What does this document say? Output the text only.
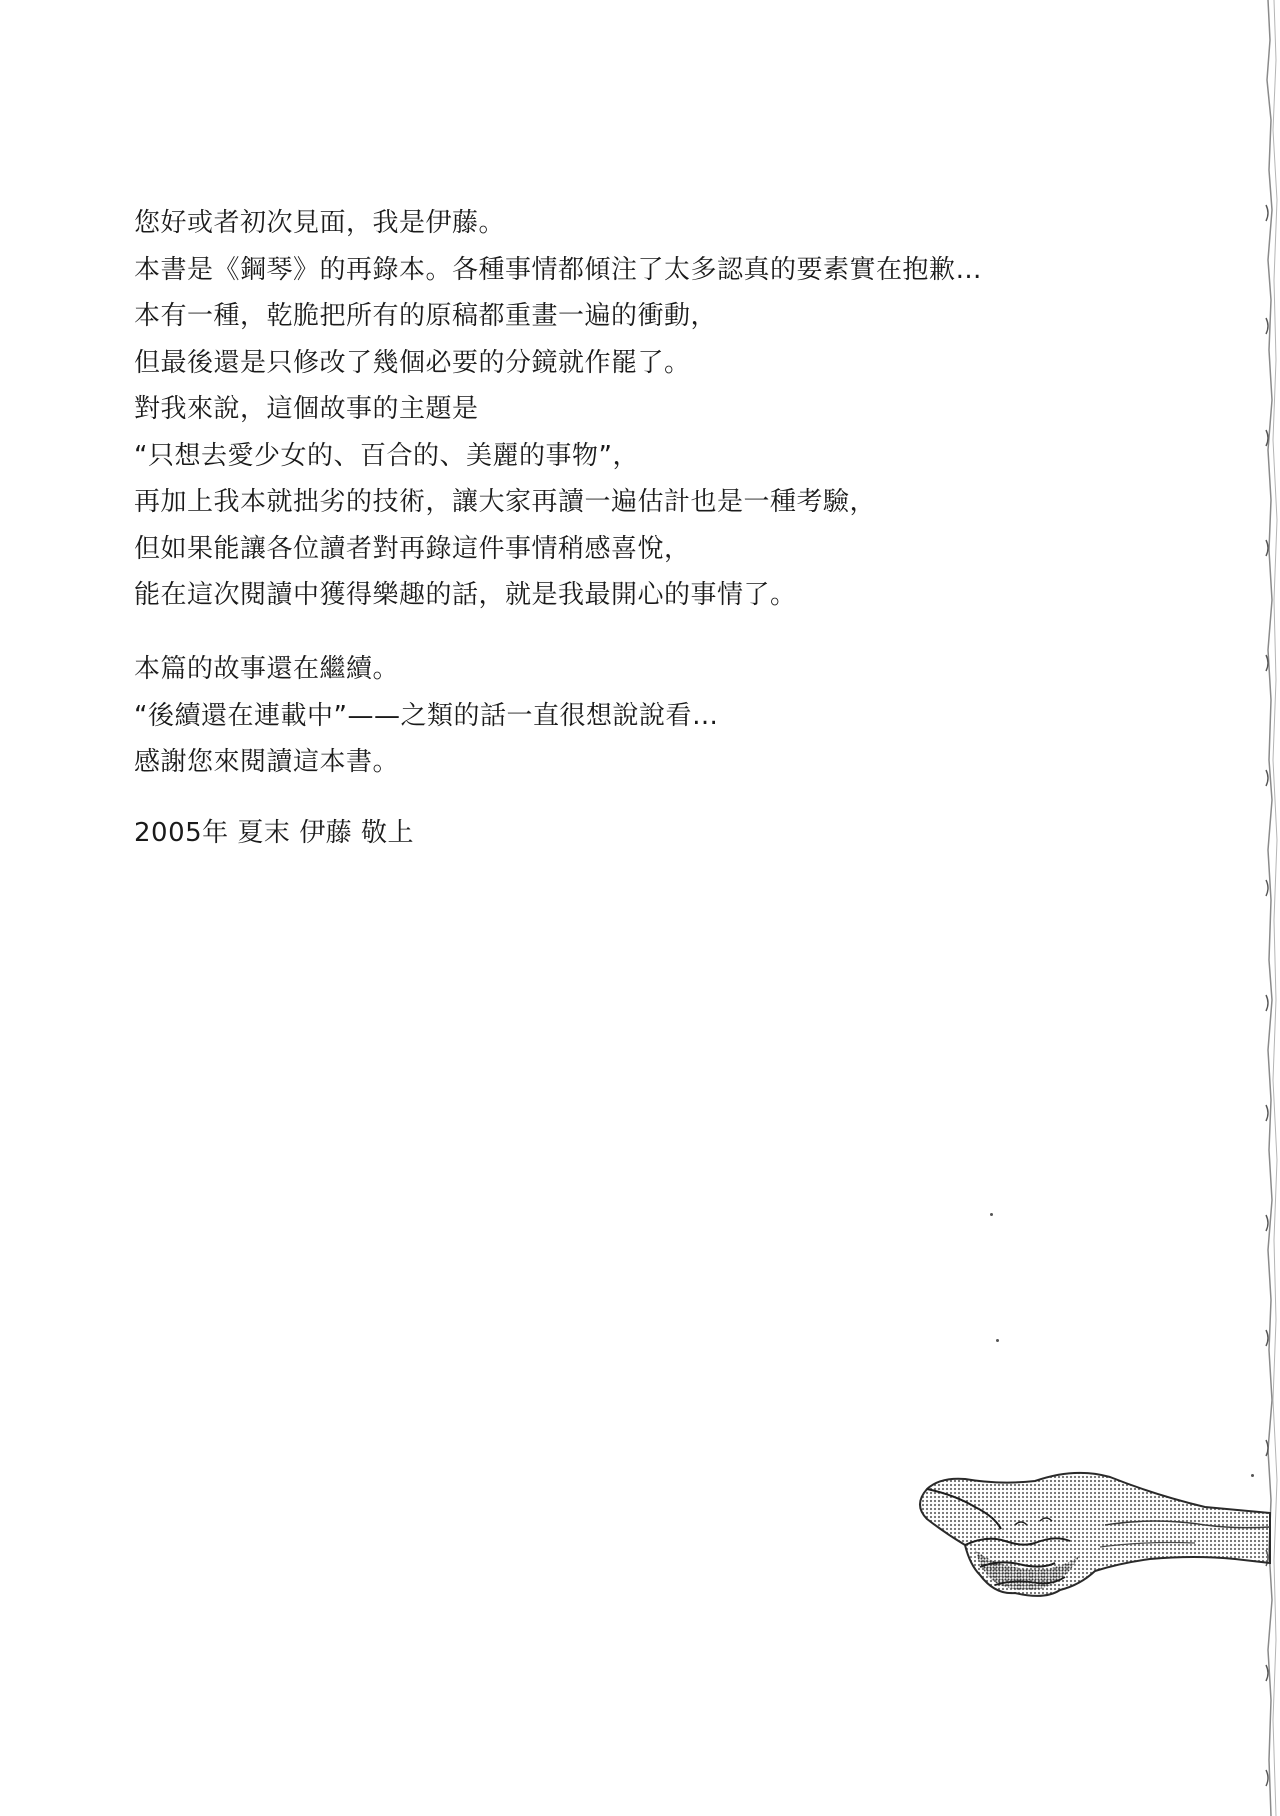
您好或者初次見面，我是伊藤。
本書是《鋼琴》的再錄本。各種事情都傾注了太多認真的要素實在抱歉…
本有一種，乾脆把所有的原稿都重畫一遍的衝動，
但最後還是只修改了幾個必要的分鏡就作罷了。
對我來說，這個故事的主題是
“只想去愛少女的、百合的、美麗的事物”，
再加上我本就拙劣的技術，讓大家再讀一遍估計也是一種考驗，
但如果能讓各位讀者對再錄這件事情稍感喜悅，
能在這次閱讀中獲得樂趣的話，就是我最開心的事情了。
本篇的故事還在繼續。
“後續還在連載中”——之類的話一直很想說說看…
感謝您來閱讀這本書。
2005年 夏末 伊藤 敬上
